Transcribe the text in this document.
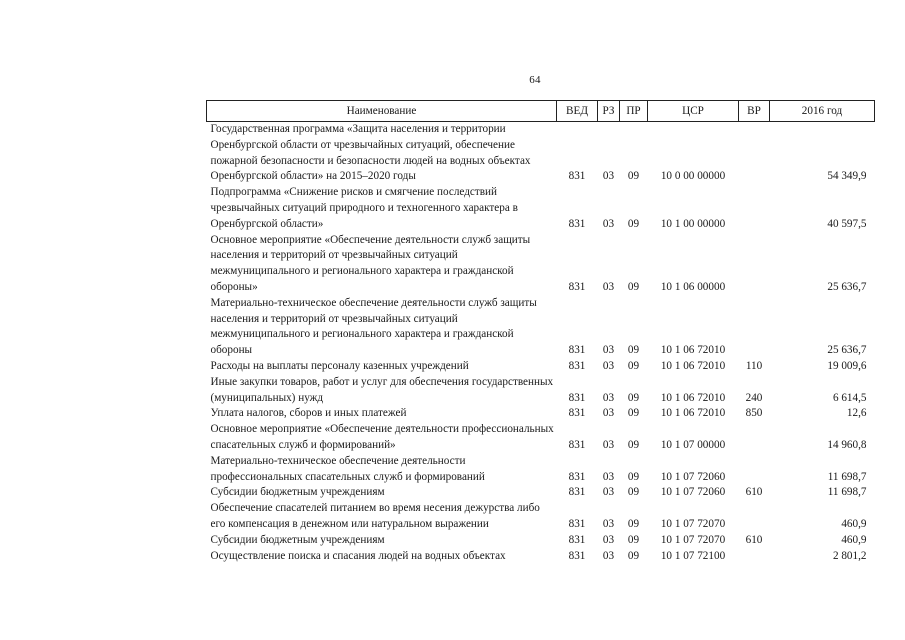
64
Наименование	ВЕД	РЗ	ПР	ЦСР	ВР	2016 год
Государственная программа «Защита населения и территории Оренбургской области от чрезвычайных ситуаций, обеспечение пожарной безопасности и безопасности людей на водных объектах Оренбургской области» на 2015–2020 годы	831	03	09	10 0 00 00000		54 349,9
Подпрограмма «Снижение рисков и смягчение последствий чрезвычайных ситуаций природного и техногенного характера в Оренбургской области»	831	03	09	10 1 00 00000		40 597,5
Основное мероприятие «Обеспечение деятельности служб защиты населения и территорий от чрезвычайных ситуаций межмуниципального и регионального характера и гражданской обороны»	831	03	09	10 1 06 00000		25 636,7
Материально-техническое обеспечение деятельности служб защиты населения и территорий от чрезвычайных ситуаций межмуниципального и регионального характера и гражданской обороны	831	03	09	10 1 06 72010		25 636,7
Расходы на выплаты персоналу казенных учреждений	831	03	09	10 1 06 72010	110	19 009,6
Иные закупки товаров, работ и услуг для обеспечения государственных (муниципальных) нужд	831	03	09	10 1 06 72010	240	6 614,5
Уплата налогов, сборов и иных платежей	831	03	09	10 1 06 72010	850	12,6
Основное мероприятие «Обеспечение деятельности профессиональных спасательных служб и формирований»	831	03	09	10 1 07 00000		14 960,8
Материально-техническое обеспечение деятельности профессиональных спасательных служб и формирований	831	03	09	10 1 07 72060		11 698,7
Субсидии бюджетным учреждениям	831	03	09	10 1 07 72060	610	11 698,7
Обеспечение спасателей питанием во время несения дежурства либо его компенсация в денежном или натуральном выражении	831	03	09	10 1 07 72070		460,9
Субсидии бюджетным учреждениям	831	03	09	10 1 07 72070	610	460,9
Осуществление поиска и спасания людей на водных объектах	831	03	09	10 1 07 72100		2 801,2
